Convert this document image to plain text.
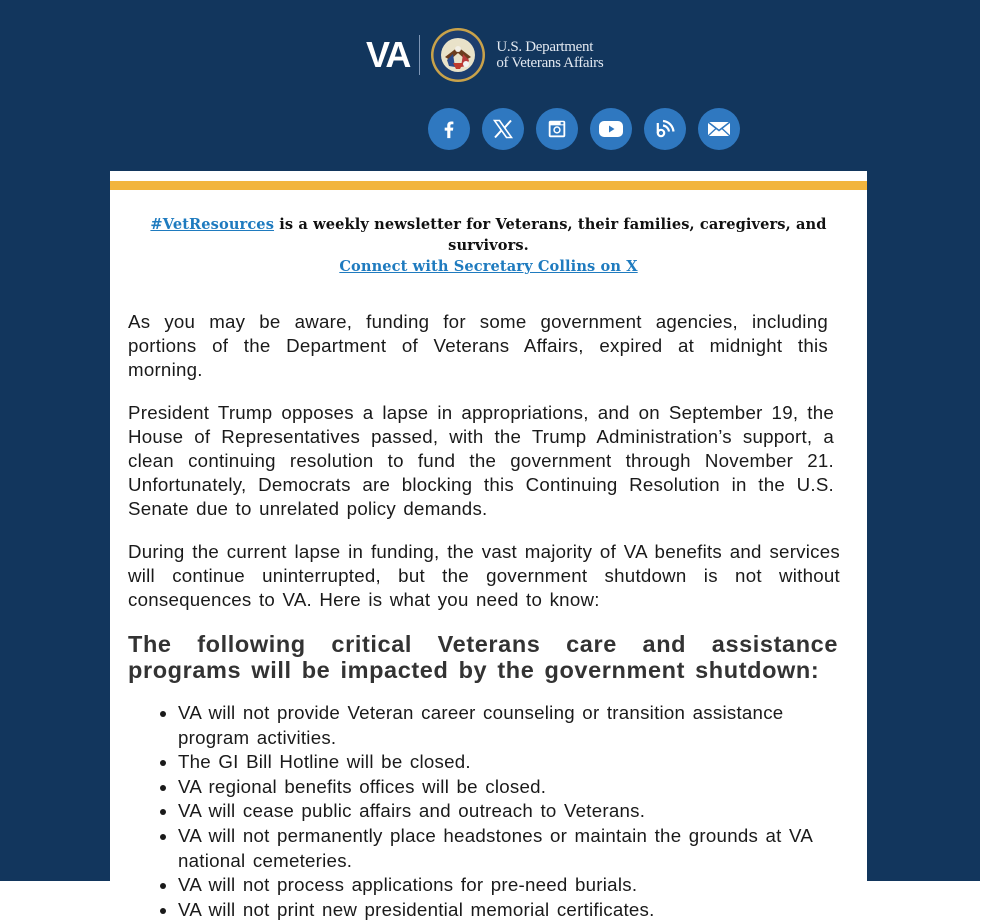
VA	U.S. Department
of Veterans Affairs
#VetResources is a weekly newsletter for Veterans, their families, caregivers, and survivors.
Connect with Secretary Collins on X

As you may be aware, funding for some government agencies, including portions of the Department of Veterans Affairs, expired at midnight this morning.

President Trump opposes a lapse in appropriations, and on September 19, the House of Representatives passed, with the Trump Administration’s support, a clean continuing resolution to fund the government through November 21. Unfortunately, Democrats are blocking this Continuing Resolution in the U.S. Senate due to unrelated policy demands.

During the current lapse in funding, the vast majority of VA benefits and services will continue uninterrupted, but the government shutdown is not without consequences to VA. Here is what you need to know:

The following critical Veterans care and assistance programs will be impacted by the government shutdown:
• VA will not provide Veteran career counseling or transition assistance program activities.
• The GI Bill Hotline will be closed.
• VA regional benefits offices will be closed.
• VA will cease public affairs and outreach to Veterans.
• VA will not permanently place headstones or maintain the grounds at VA national cemeteries.
• VA will not process applications for pre-need burials.
• VA will not print new presidential memorial certificates.
